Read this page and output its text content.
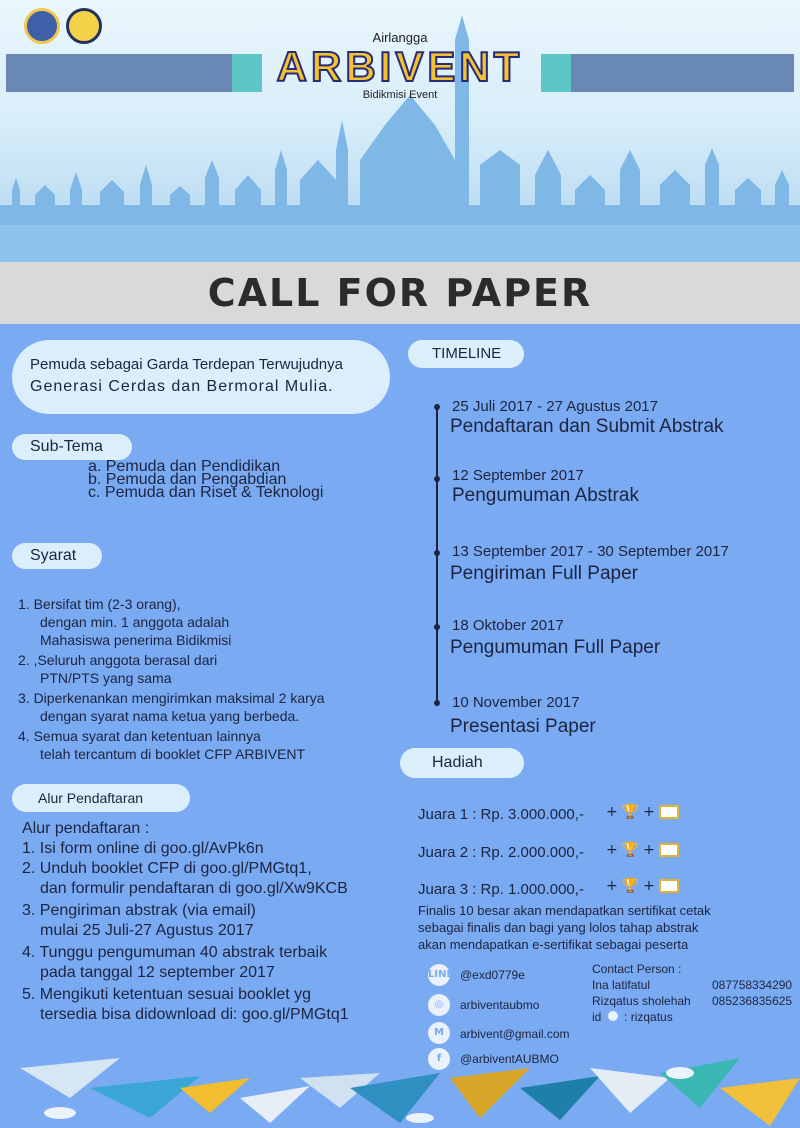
Airlangga
ARBIVENT
Bidikmisi Event
CALL FOR PAPER
Pemuda sebagai Garda Terdepan Terwujudnya
Generasi Cerdas dan Bermoral Mulia.
Sub-Tema
a. Pemuda dan Pendidikan
b. Pemuda dan Pengabdian
c. Pemuda dan Riset & Teknologi
Syarat
1. Bersifat tim (2-3 orang),
dengan min. 1 anggota adalah
Mahasiswa penerima Bidikmisi
2. ,Seluruh anggota berasal dari
PTN/PTS yang sama
3. Diperkenankan mengirimkan maksimal 2 karya
dengan syarat nama ketua yang berbeda.
4. Semua syarat dan ketentuan lainnya
telah tercantum di booklet CFP ARBIVENT
Alur Pendaftaran
Alur pendaftaran :
1. Isi form online di goo.gl/AvPk6n
2. Unduh booklet CFP di goo.gl/PMGtq1,
dan formulir pendaftaran di goo.gl/Xw9KCB
3. Pengiriman abstrak (via email)
mulai 25 Juli-27 Agustus 2017
4. Tunggu pengumuman 40 abstrak terbaik
pada tanggal 12 september 2017
5. Mengikuti ketentuan sesuai booklet yg
tersedia bisa didownload di: goo.gl/PMGtq1
TIMELINE
25 Juli 2017 - 27 Agustus 2017
Pendaftaran dan Submit Abstrak
12 September 2017
Pengumuman Abstrak
13 September 2017 - 30 September 2017
Pengiriman Full Paper
18 Oktober 2017
Pengumuman Full Paper
10 November 2017
Presentasi Paper
Hadiah
Juara 1 : Rp. 3.000.000,- + 🏆 +
Juara 2 : Rp. 2.000.000,- + 🏆 +
Juara 3 : Rp. 1.000.000,- + 🏆 +
Finalis 10 besar akan mendapatkan sertifikat cetak
sebagai finalis dan bagi yang lolos tahap abstrak
akan mendapatkan e-sertifikat sebagai peserta
LINE @exd0779e
◎	arbiventaubmo
M	arbivent@gmail.com
f	@arbiventAUBMO
Contact Person :
Ina latifatul	087758334290
Rizqatus sholehah 085236835625
id : rizqatus
